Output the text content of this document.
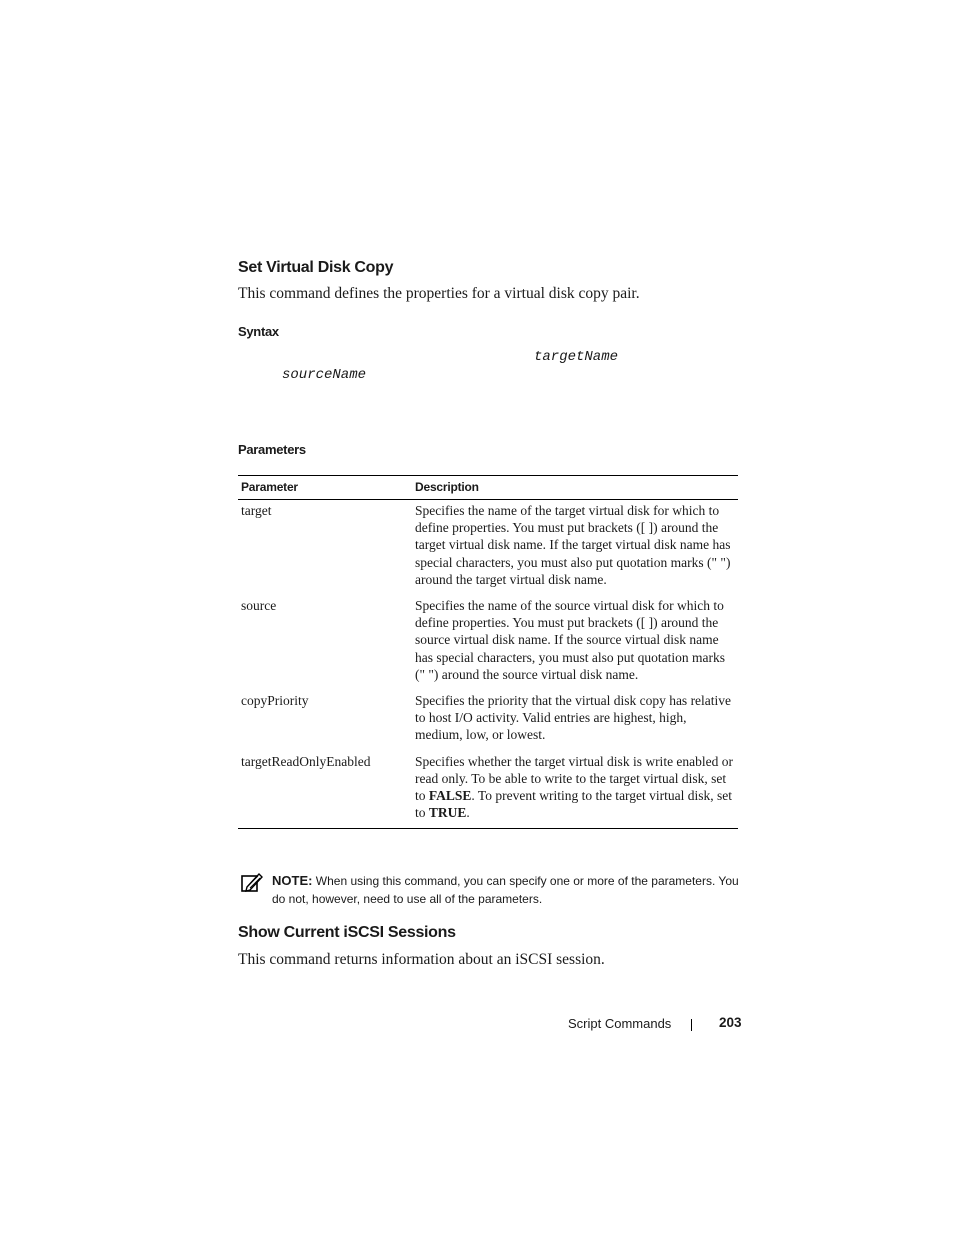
Set Virtual Disk Copy
This command defines the properties for a virtual disk copy pair.
Syntax
targetName
sourceName
Parameters
Parameter	Description
target	Specifies the name of the target virtual disk for which to define properties. You must put brackets ([ ]) around the target virtual disk name. If the target virtual disk name has special characters, you must also put quotation marks (" ") around the target virtual disk name.
source	Specifies the name of the source virtual disk for which to define properties. You must put brackets ([ ]) around the source virtual disk name. If the source virtual disk name has special characters, you must also put quotation marks (" ") around the source virtual disk name.
copyPriority	Specifies the priority that the virtual disk copy has relative to host I/O activity. Valid entries are highest, high, medium, low, or lowest.
targetReadOnlyEnabled	Specifies whether the target virtual disk is write enabled or read only. To be able to write to the target virtual disk, set to FALSE. To prevent writing to the target virtual disk, set to TRUE.
NOTE: When using this command, you can specify one or more of the parameters. You do not, however, need to use all of the parameters.
Show Current iSCSI Sessions
This command returns information about an iSCSI session.
Script Commands	203
